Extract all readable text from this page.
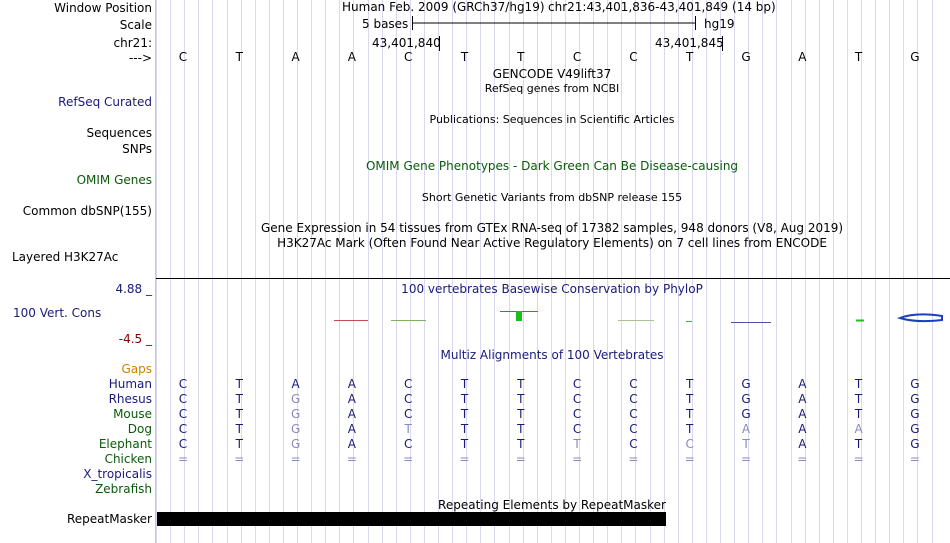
Window Position
Scale
chr21:
--->
RefSeq Curated
Sequences
SNPs
OMIM Genes
Common dbSNP(155)
Layered H3K27Ac
4.88 _
100 Vert. Cons
-4.5 _
Gaps
RepeatMasker
Human Feb. 2009 (GRCh37/hg19) chr21:43,401,836-43,401,849 (14 bp)
5 bases	hg19
43,401,840	43,401,845
C	T	A	A	C	T	T	C	C	T	G	A	T	G
GENCODE V49lift37
RefSeq genes from NCBI
Publications: Sequences in Scientific Articles
OMIM Gene Phenotypes - Dark Green Can Be Disease-causing
Short Genetic Variants from dbSNP release 155
Gene Expression in 54 tissues from GTEx RNA-seq of 17382 samples, 948 donors (V8, Aug 2019)
H3K27Ac Mark (Often Found Near Active Regulatory Elements) on 7 cell lines from ENCODE
100 vertebrates Basewise Conservation by PhyloP
Multiz Alignments of 100 Vertebrates
Human C	T	A	A	C	T	T	C	C	T	G	A	T	G
Rhesus C	T	G	A	C	T	T	C	C	T	G	A	T	G
Mouse C	T	G	A	C	T	T	C	C	T	G	A	T	G
Dog C	T	G	A	T	T	T	C	C	T	A	A	A	G
Elephant C	T	G	A	C	T	T	T	C	C	T	A	T	G
Chicken =	=	=	=	=	=	=	=	=	=	=	=	=	=
X_tropicalis
Zebrafish
Repeating Elements by RepeatMasker
